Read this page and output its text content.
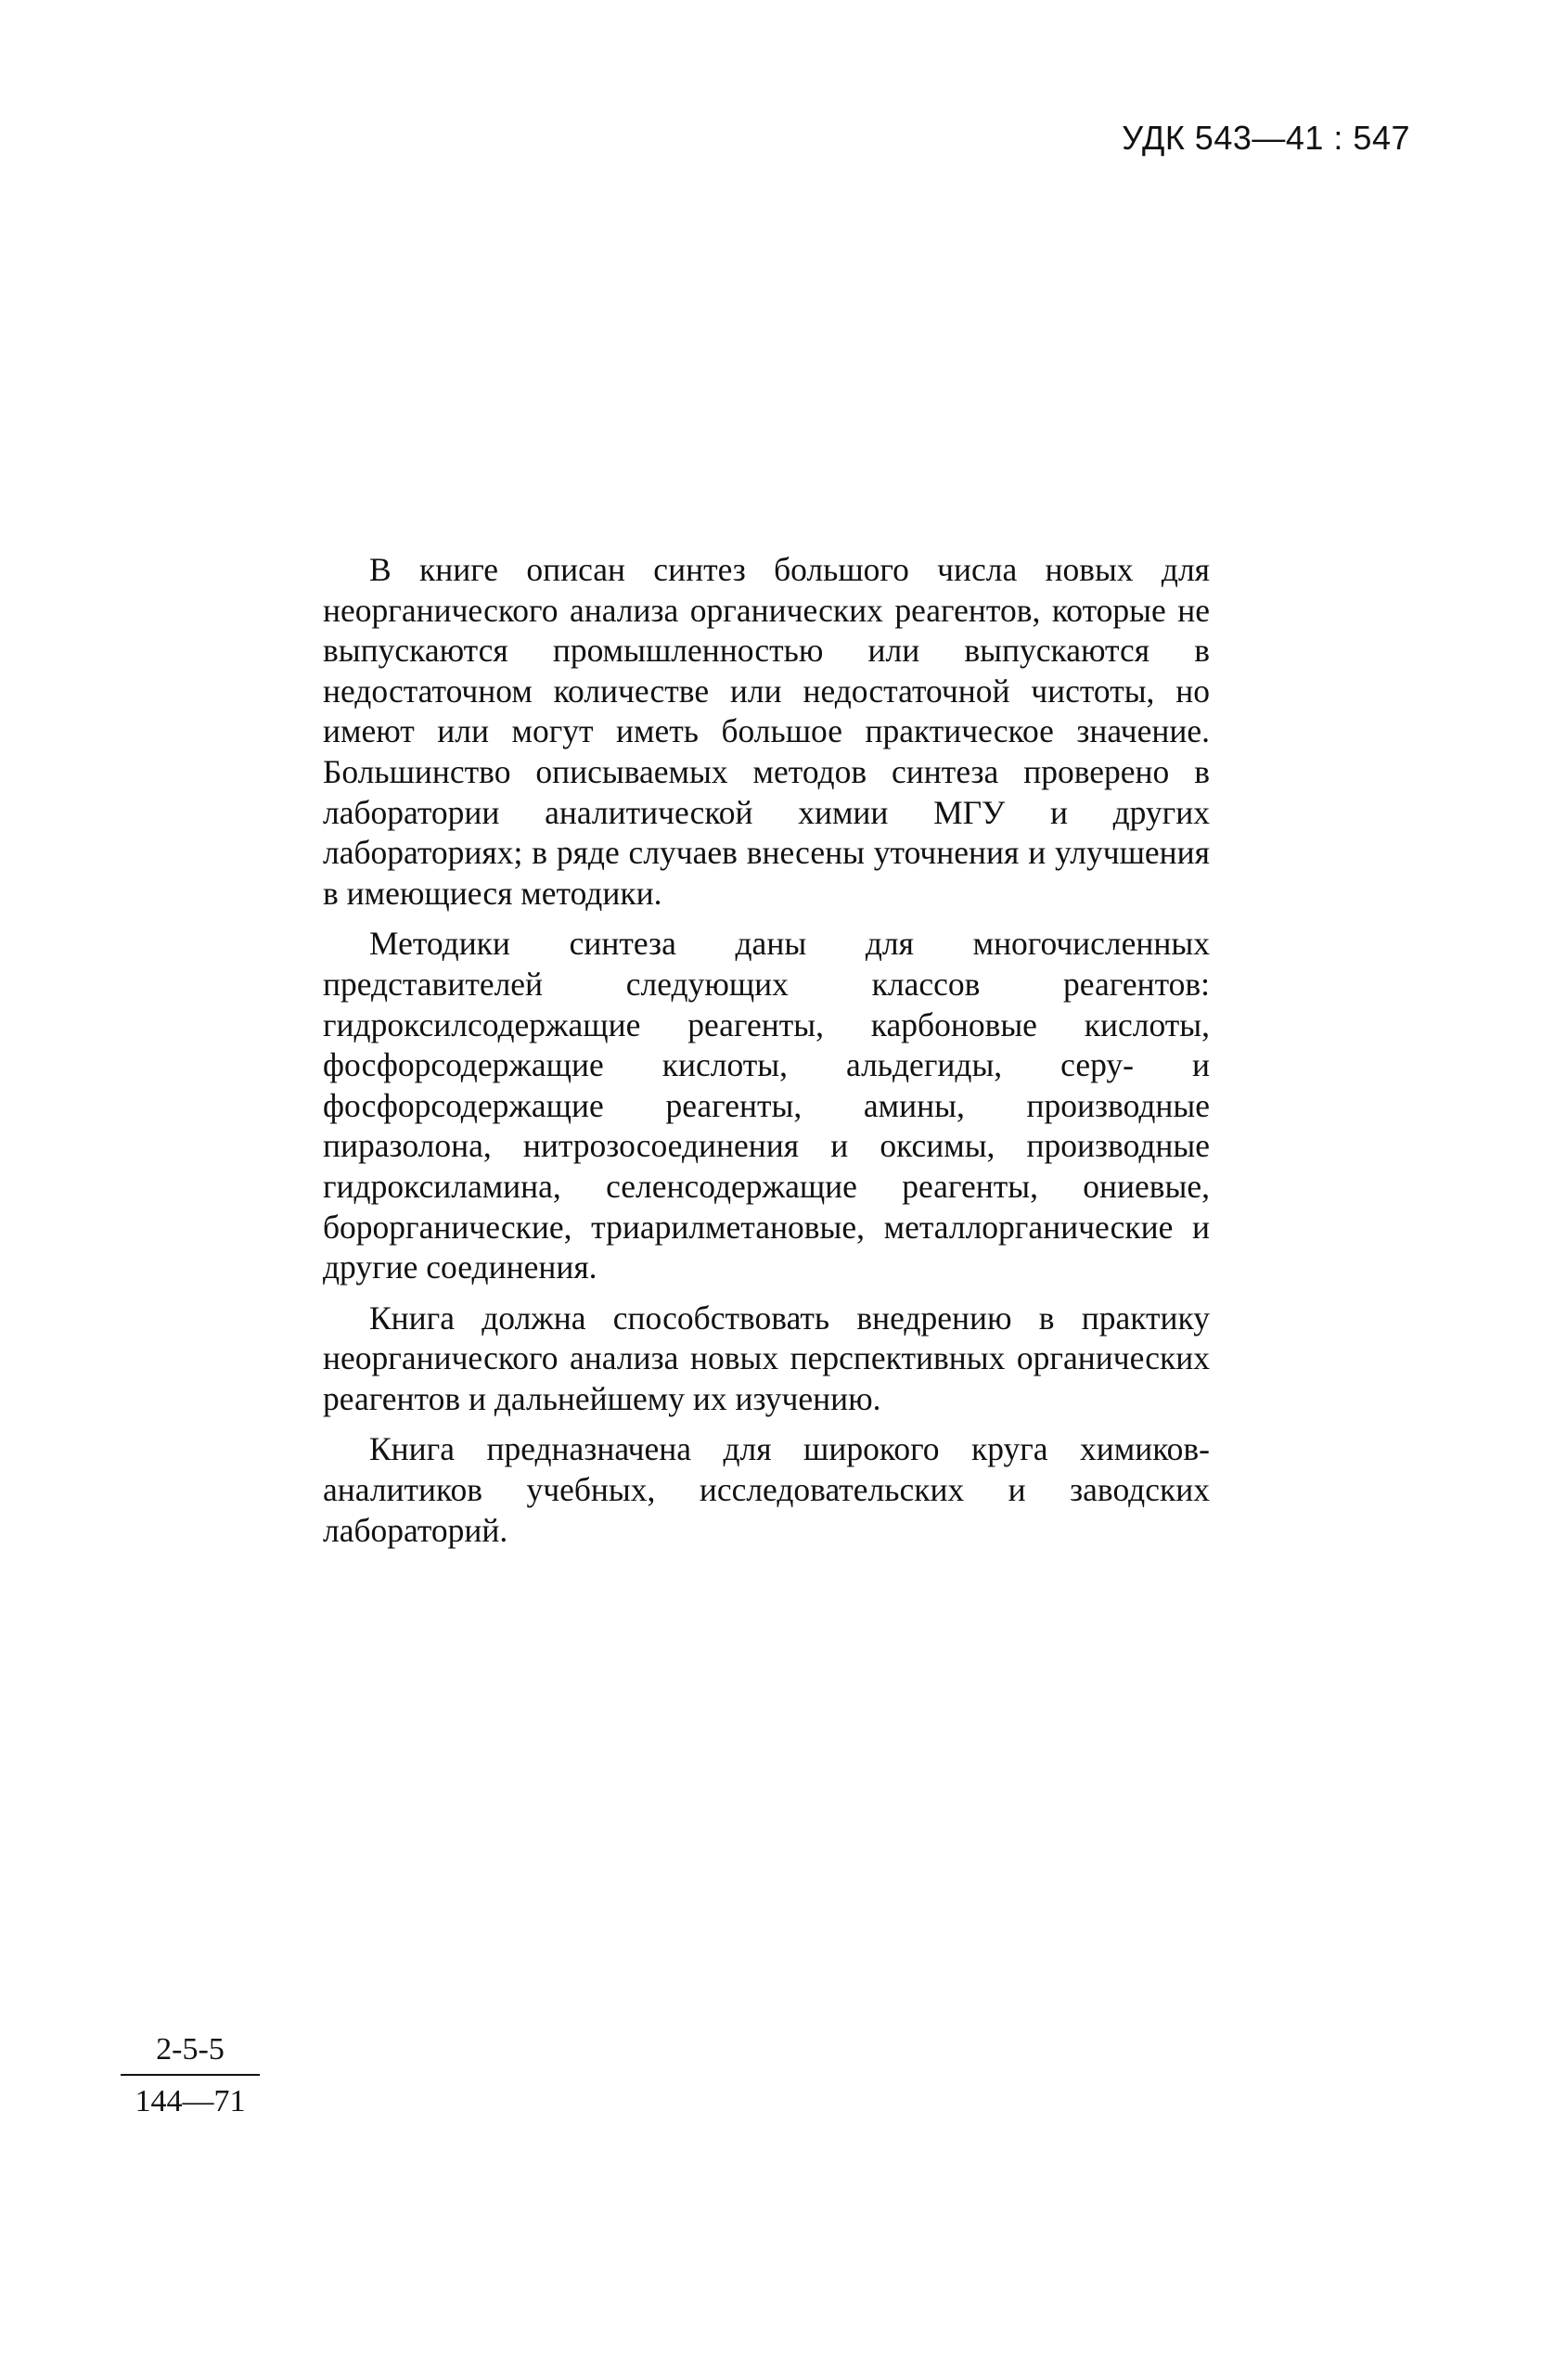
УДК 543—41 : 547

В книге описан синтез большого числа новых для неорганического анализа органических реагентов, которые не выпускаются промышленностью или выпускаются в недостаточном количестве или недостаточной чистоты, но имеют или могут иметь большое практическое значение. Большинство описываемых методов синтеза проверено в лаборатории аналитической химии МГУ и других лабораториях; в ряде случаев внесены уточнения и улучшения в имеющиеся методики.

Методики синтеза даны для многочисленных представителей следующих классов реагентов: гидроксилсодержащие реагенты, карбоновые кислоты, фосфорсодержащие кислоты, альдегиды, серу- и фосфорсодержащие реагенты, амины, производные пиразолона, нитрозосоединения и оксимы, производные гидроксиламина, селенсодержащие реагенты, ониевые, борорганические, триарилметановые, металлорганические и другие соединения.

Книга должна способствовать внедрению в практику неорганического анализа новых перспективных органических реагентов и дальнейшему их изучению.

Книга предназначена для широкого круга химиков-аналитиков учебных, исследовательских и заводских лабораторий.

2-5-5
144—71
